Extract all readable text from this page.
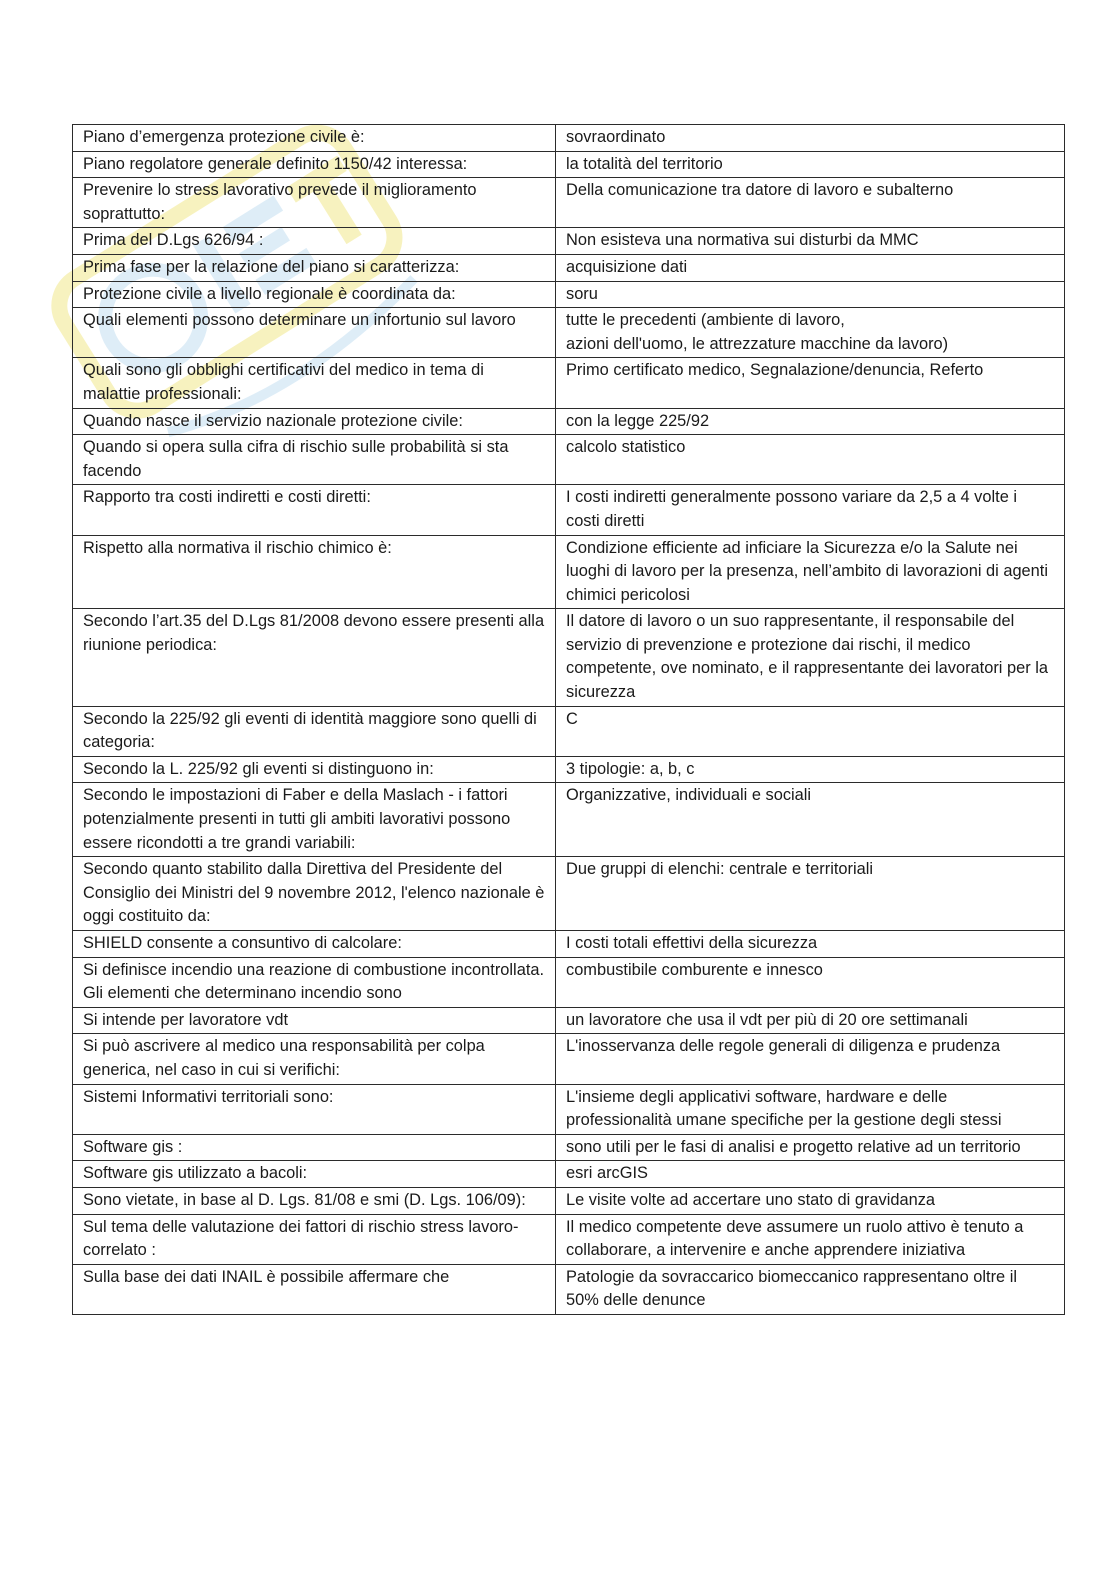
Piano d’emergenza protezione civile è:	sovraordinato
Piano regolatore generale definito 1150/42 interessa:	la totalità del territorio
Prevenire lo stress lavorativo prevede il miglioramento soprattutto:	Della comunicazione tra datore di lavoro e subalterno
Prima del D.Lgs 626/94 :	Non esisteva una normativa sui disturbi da MMC
Prima fase per la relazione del piano si caratterizza:	acquisizione dati
Protezione civile a livello regionale è coordinata da:	soru
Quali elementi possono determinare un infortunio sul lavoro	tutte le precedenti (ambiente di lavoro,
azioni dell'uomo, le attrezzature macchine da lavoro)
Quali sono gli obblighi certificativi del medico in tema di malattie professionali:	Primo certificato medico, Segnalazione/denuncia, Referto
Quando nasce il servizio nazionale protezione civile:	con la legge 225/92
Quando si opera sulla cifra di rischio sulle probabilità si sta facendo	calcolo statistico
Rapporto tra costi indiretti e costi diretti:	I costi indiretti generalmente possono variare da 2,5 a 4 volte i costi diretti
Rispetto alla normativa il rischio chimico è:	Condizione efficiente ad inficiare la Sicurezza e/o la Salute nei luoghi di lavoro per la presenza, nell’ambito di lavorazioni di agenti chimici pericolosi
Secondo l’art.35 del D.Lgs 81/2008 devono essere presenti alla riunione periodica:	Il datore di lavoro o un suo rappresentante, il responsabile del servizio di prevenzione e protezione dai rischi, il medico competente, ove nominato, e il rappresentante dei lavoratori per la sicurezza
Secondo la 225/92 gli eventi di identità maggiore sono quelli di categoria:	C
Secondo la L. 225/92 gli eventi si distinguono in:	3 tipologie: a, b, c
Secondo le impostazioni di Faber e della Maslach - i fattori potenzialmente presenti in tutti gli ambiti lavorativi possono essere ricondotti a tre grandi variabili:	Organizzative, individuali e sociali
Secondo quanto stabilito dalla Direttiva del Presidente del Consiglio dei Ministri del 9 novembre 2012, l'elenco nazionale è oggi costituito da:	Due gruppi di elenchi: centrale e territoriali
SHIELD consente a consuntivo di calcolare:	I costi totali effettivi della sicurezza
Si definisce incendio una reazione di combustione incontrollata. Gli elementi che determinano incendio sono	combustibile comburente e innesco
Si intende per lavoratore vdt	un lavoratore che usa il vdt per più di 20 ore settimanali
Si può ascrivere al medico una responsabilità per colpa generica, nel caso in cui si verifichi:	L'inosservanza delle regole generali di diligenza e prudenza
Sistemi Informativi territoriali sono:	L'insieme degli applicativi software, hardware e delle professionalità umane specifiche per la gestione degli stessi
Software gis :	sono utili per le fasi di analisi e progetto relative ad un territorio
Software gis utilizzato a bacoli:	esri arcGIS
Sono vietate, in base al D. Lgs. 81/08 e smi (D. Lgs. 106/09):	Le visite volte ad accertare uno stato di gravidanza
Sul tema delle valutazione dei fattori di rischio stress lavoro-correlato :	Il medico competente deve assumere un ruolo attivo è tenuto a collaborare, a intervenire e anche apprendere iniziativa
Sulla base dei dati INAIL è possibile affermare che	Patologie da sovraccarico biomeccanico rappresentano oltre il 50% delle denunce
